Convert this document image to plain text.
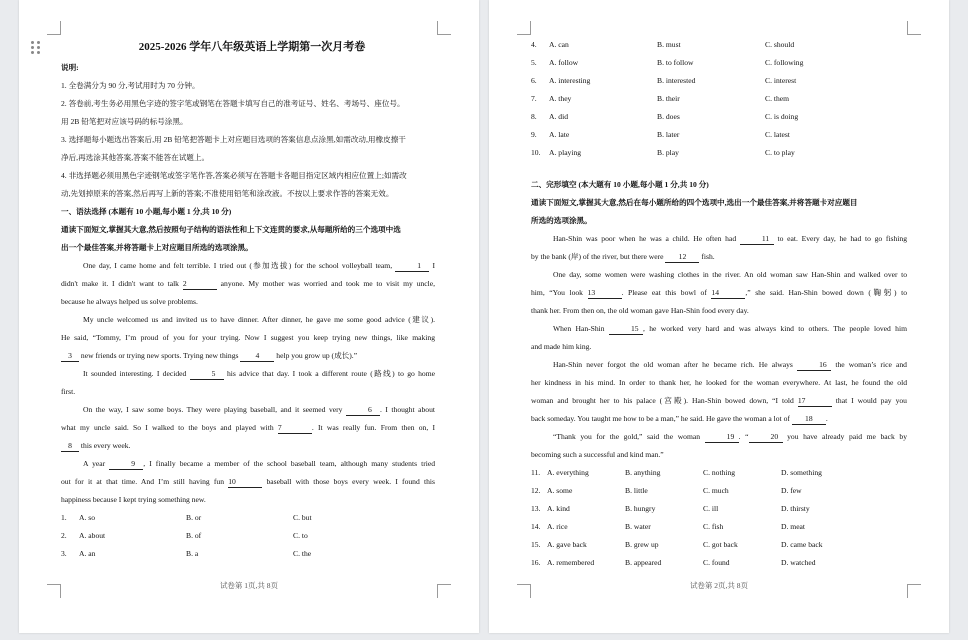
2025-2026 学年八年级英语上学期第一次月考卷
说明:
1. 全卷满分为 90 分,考试用时为 70 分钟。
2. 答卷前,考生务必用黑色字迹的签字笔或钢笔在答题卡填写自己的准考证号、姓名、考场号、座位号。
用 2B 铅笔把对应该号码的标号涂黑。
3. 选择题每小题选出答案后,用 2B 铅笔把答题卡上对应题目选项的答案信息点涂黑,如需改动,用橡皮擦干
净后,再选涂其他答案,答案不能答在试题上。
4. 非选择题必须用黑色字迹钢笔或签字笔作答,答案必须写在答题卡各题目指定区域内相应位置上;如需改
动,先划掉原来的答案,然后再写上新的答案;不准使用铅笔和涂改液。不按以上要求作答的答案无效。
一、语法选择 (本题有 10 小题,每小题 1 分,共 10 分)
通读下面短文,掌握其大意,然后按照句子结构的语法性和上下文连贯的要求,从每题所给的三个选项中选
出一个最佳答案,并将答题卡上对应题目所选的选项涂黑。
One day, I came home and felt terrible. I tried out (参加选拔) for the school volleyball team,	1 I
didn't make it. I didn't want to talk 2	anyone. My mother was worried and took me to visit my uncle,
because he always helped us solve problems.
My uncle welcomed us and invited us to have dinner. After dinner, he gave me some good advice (建议).
He said, “Tommy, I’m proud of you for your trying. Now I suggest you keep trying new things, like making
3 new friends or trying new sports. Trying new things 4 help you grow up (成长).”
It sounded interesting. I decided	5 his advice that day. I took a different route (路线) to go home
first.
On the way, I saw some boys. They were playing baseball, and it seemed very	6 . I thought about
what my uncle said. So I walked to the boys and played with 7	. It was really fun. From then on, I
8 this every week.
A year	9 , I finally became a member of the school baseball team, although many students tried
out for it at that time. And I’m still having fun 10	baseball with those boys every week. I found this
happiness because I kept trying something new.
1.	A. so	B. or	C. but
2.	A. about	B. of	C. to
3.	A. an	B. a	C. the
试卷第 1页,共 8页
4.	A. can	B. must	C. should
5.	A. follow	B. to follow	C. following
6.	A. interesting	B. interested	C. interest
7.	A. they	B. their	C. them
8.	A. did	B. does	C. is doing
9.	A. late	B. later	C. latest
10.	A. playing	B. play	C. to play
二、完形填空 (本大题有 10 小题,每小题 1 分,共 10 分)
通读下面短文,掌握其大意,然后在每小题所给的四个选项中,选出一个最佳答案,并将答题卡对应题目
所选的选项涂黑。
Han-Shin was poor when he was a child. He often had	11 to eat. Every day, he had to go fishing
by the bank (岸) of the river, but there were 12 fish.
One day, some women were washing clothes in the river. An old woman saw Han-Shin and walked over to
him, “You look 13	. Please eat this bowl of 14	,” she said. Han-Shin bowed down (鞠躬) to
thank her. From then on, the old woman gave Han-Shin food every day.
When Han-Shin	15 , he worked very hard and was always kind to others. The people loved him
and made him king.
Han-Shin never forgot the old woman after he became rich. He always	16 the woman’s rice and
her kindness in his mind. In order to thank her, he looked for the woman everywhere. At last, he found the old
woman and brought her to his palace (宫殿). Han-Shin bowed down, “I told 17	that I would pay you
back someday. You taught me how to be a man,” he said. He gave the woman a lot of 18 .
“Thank you for the gold,” said the woman	19 . “	20 you have already paid me back by
becoming such a successful and kind man.”
11. A. everything	B. anything	C. nothing	D. something
12. A. some	B. little	C. much	D. few
13. A. kind	B. hungry	C. ill	D. thirsty
14. A. rice	B. water	C. fish	D. meat
15. A. gave back	B. grew up	C. got back	D. came back
16. A. remembered	B. appeared	C. found	D. watched
试卷第 2页,共 8页
